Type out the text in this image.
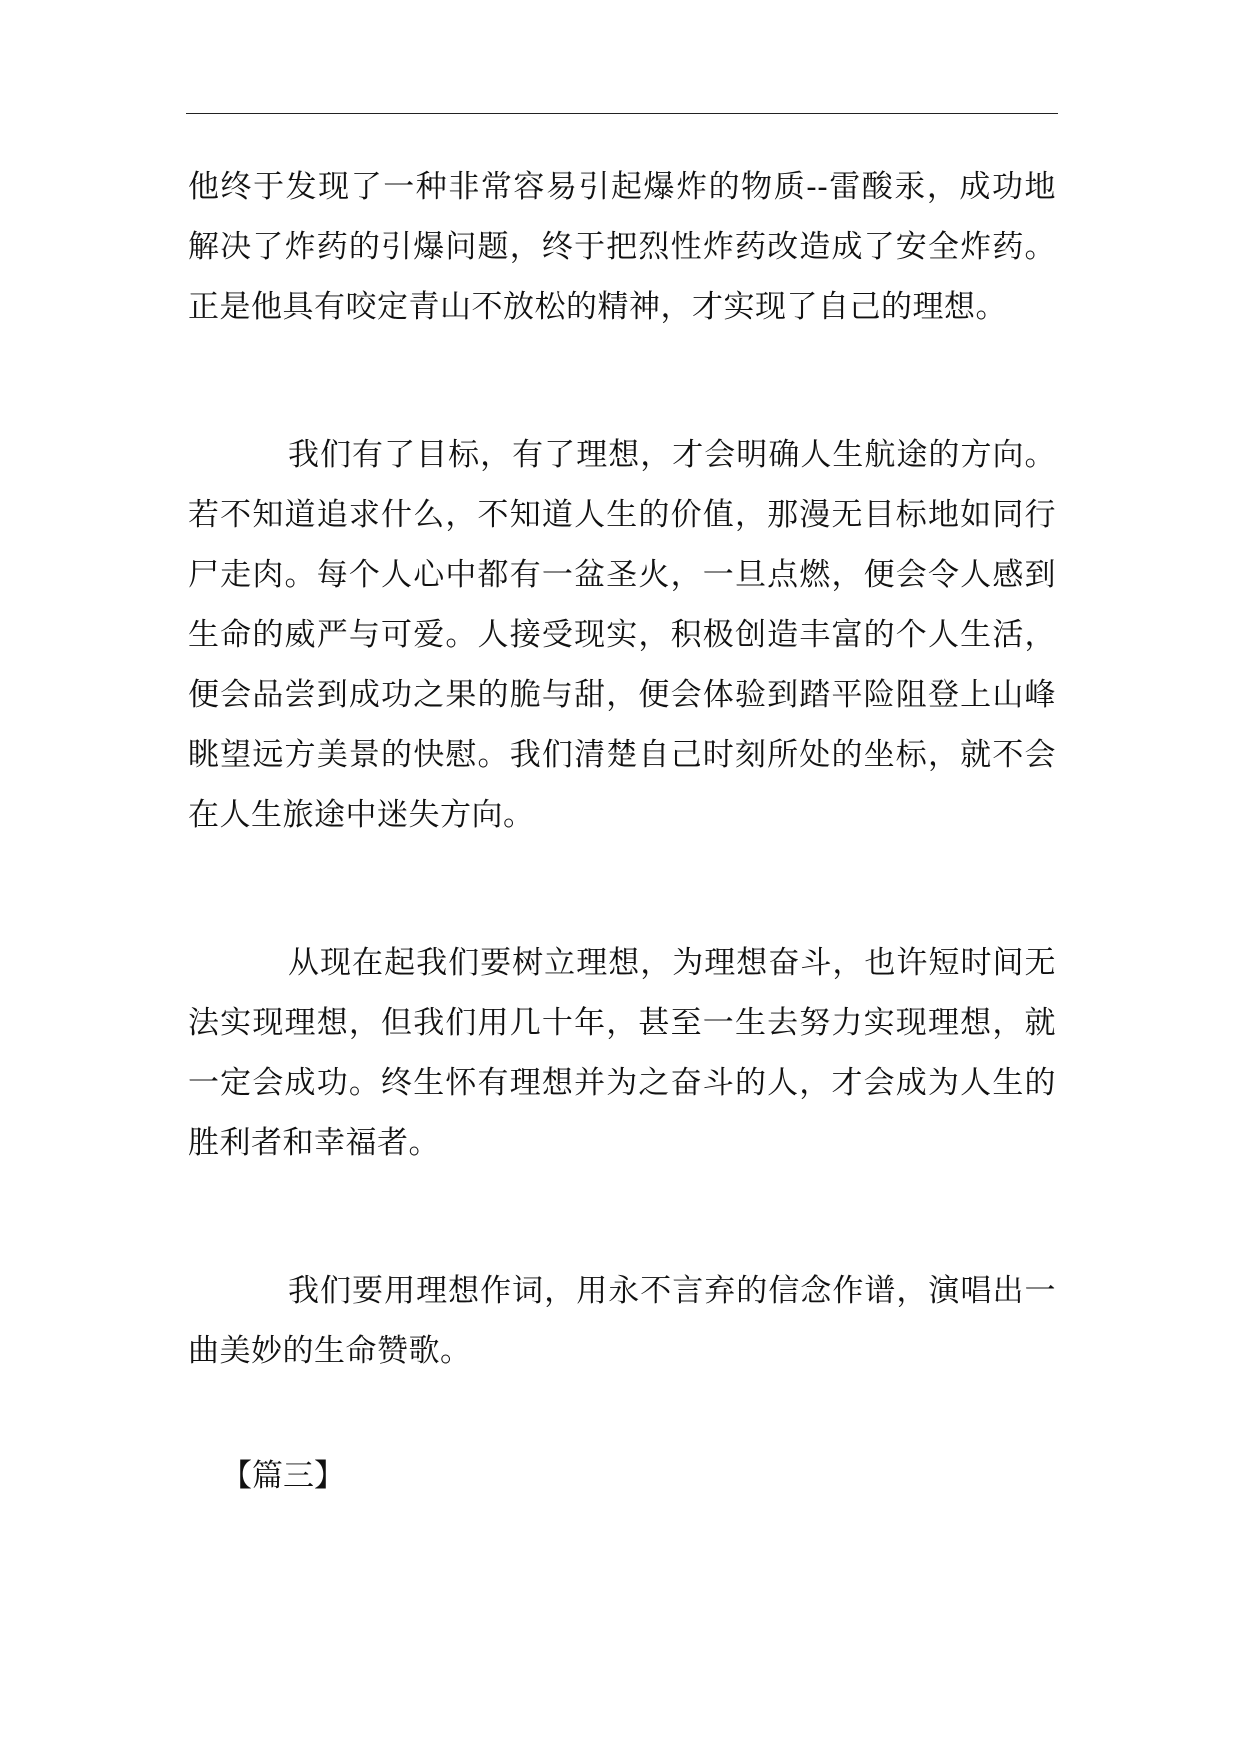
他终于发现了一种非常容易引起爆炸的物质--雷酸汞，成功地解决了炸药的引爆问题，终于把烈性炸药改造成了安全炸药。正是他具有咬定青山不放松的精神，才实现了自己的理想。

我们有了目标，有了理想，才会明确人生航途的方向。若不知道追求什么，不知道人生的价值，那漫无目标地如同行尸走肉。每个人心中都有一盆圣火，一旦点燃，便会令人感到生命的威严与可爱。人接受现实，积极创造丰富的个人生活，便会品尝到成功之果的脆与甜，便会体验到踏平险阻登上山峰眺望远方美景的快慰。我们清楚自己时刻所处的坐标，就不会在人生旅途中迷失方向。

从现在起我们要树立理想，为理想奋斗，也许短时间无法实现理想，但我们用几十年，甚至一生去努力实现理想，就一定会成功。终生怀有理想并为之奋斗的人，才会成为人生的胜利者和幸福者。

我们要用理想作词，用永不言弃的信念作谱，演唱出一曲美妙的生命赞歌。

【篇三】
